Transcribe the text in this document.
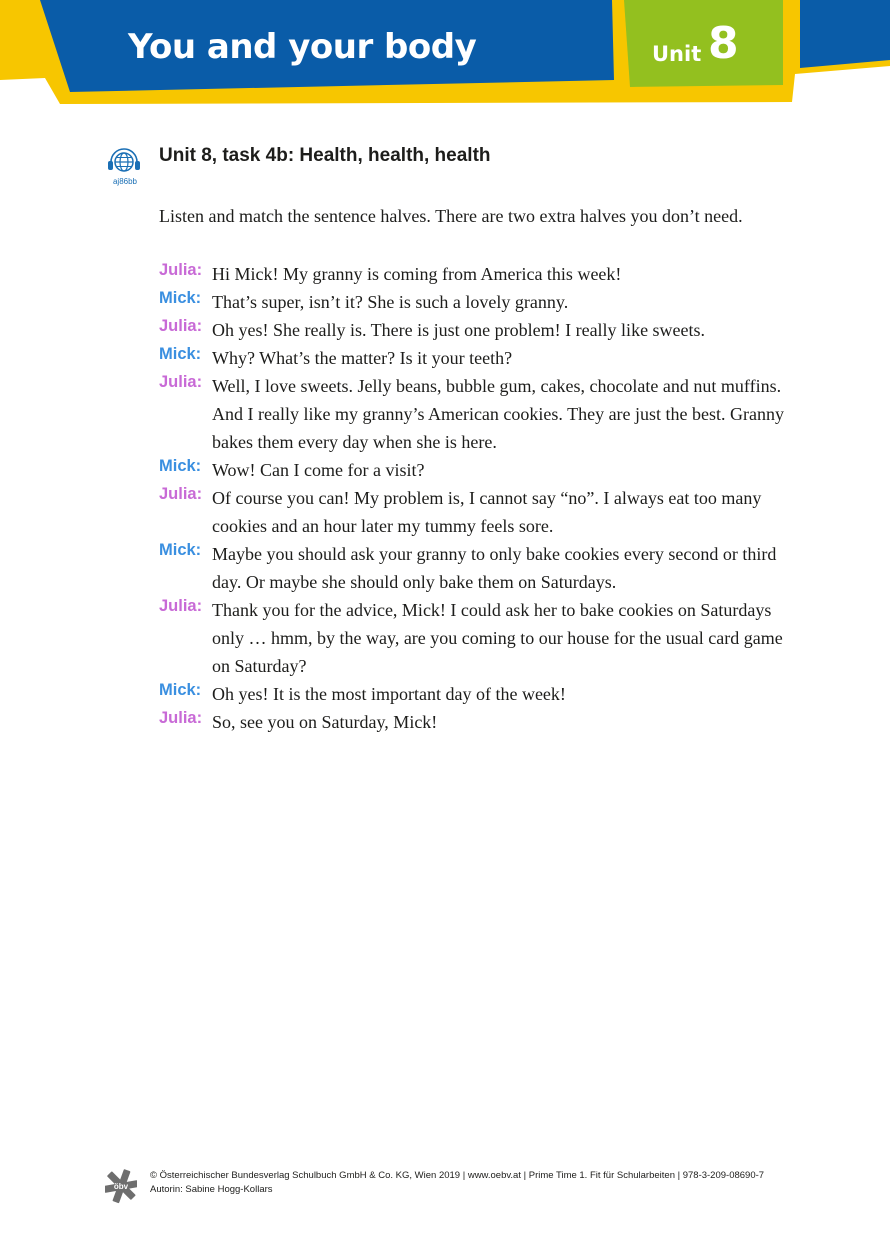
You and your body	Unit 8
aj86bb
Unit 8, task 4b: Health, health, health
Listen and match the sentence halves. There are two extra halves you don’t need.

Julia: Hi Mick! My granny is coming from America this week!

Mick: That’s super, isn’t it? She is such a lovely granny.

Julia: Oh yes! She really is. There is just one problem! I really like sweets.

Mick: Why? What’s the matter? Is it your teeth?

Julia: Well, I love sweets. Jelly beans, bubble gum, cakes, chocolate and nut muffins. And I really like my granny’s American cookies. They are just the best. Granny bakes them every day when she is here.

Mick: Wow! Can I come for a visit?

Julia: Of course you can! My problem is, I cannot say “no”. I always eat too many cookies and an hour later my tummy feels sore.

Mick: Maybe you should ask your granny to only bake cookies every second or third day. Or maybe she should only bake them on Saturdays.

Julia: Thank you for the advice, Mick! I could ask her to bake cookies on Saturdays only … hmm, by the way, are you coming to our house for the usual card game on Saturday?

Mick: Oh yes! It is the most important day of the week!

Julia: So, see you on Saturday, Mick!

öbv
© Österreichischer Bundesverlag Schulbuch GmbH & Co. KG, Wien 2019 | www.oebv.at | Prime Time 1. Fit für Schularbeiten | 978-3-209-08690-7
Autorin: Sabine Hogg-Kollars
